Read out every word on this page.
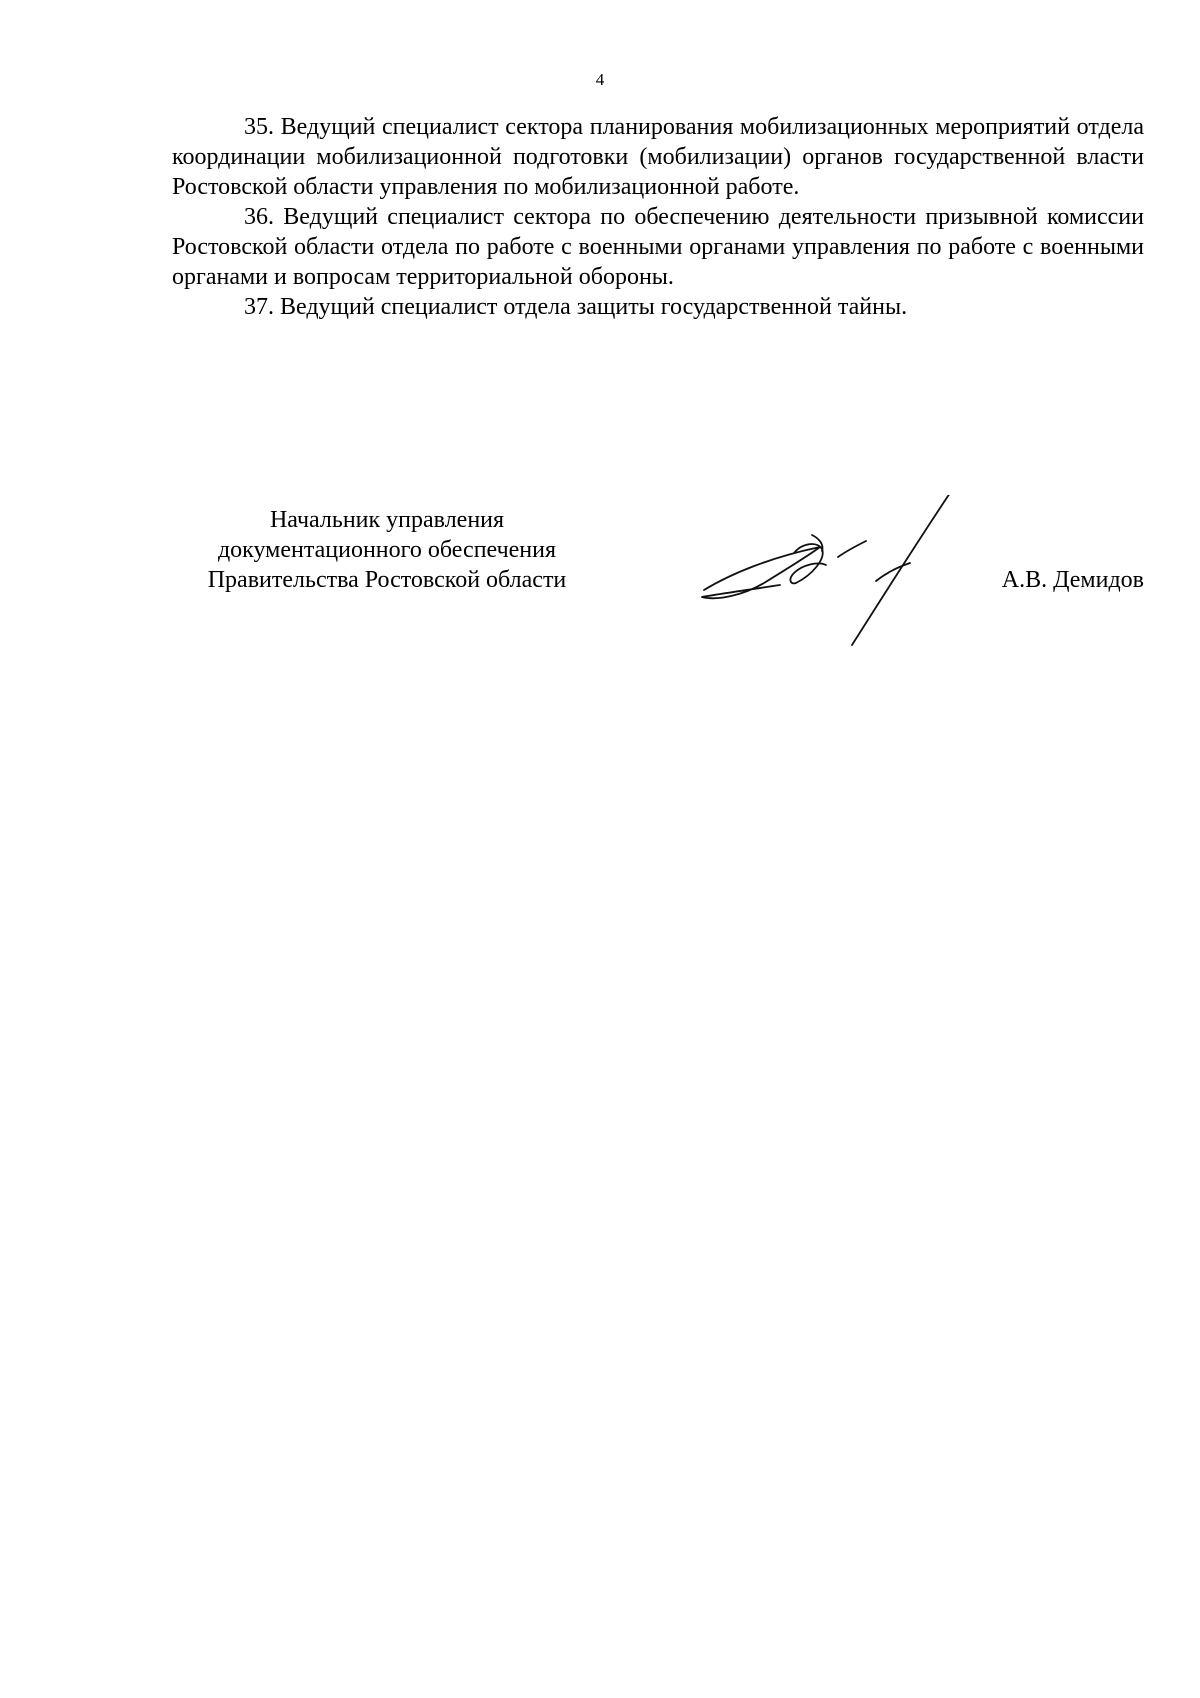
4

35. Ведущий специалист сектора планирования мобилизационных мероприятий отдела координации мобилизационной подготовки (мобилизации) органов государственной власти Ростовской области управления по мобилизационной работе.

36. Ведущий специалист сектора по обеспечению деятельности призывной комиссии Ростовской области отдела по работе с военными органами управления по работе с военными органами и вопросам территориальной обороны.

37. Ведущий специалист отдела защиты государственной тайны.

Начальник управления
документационного обеспечения
Правительства Ростовской области	А.В. Демидов
